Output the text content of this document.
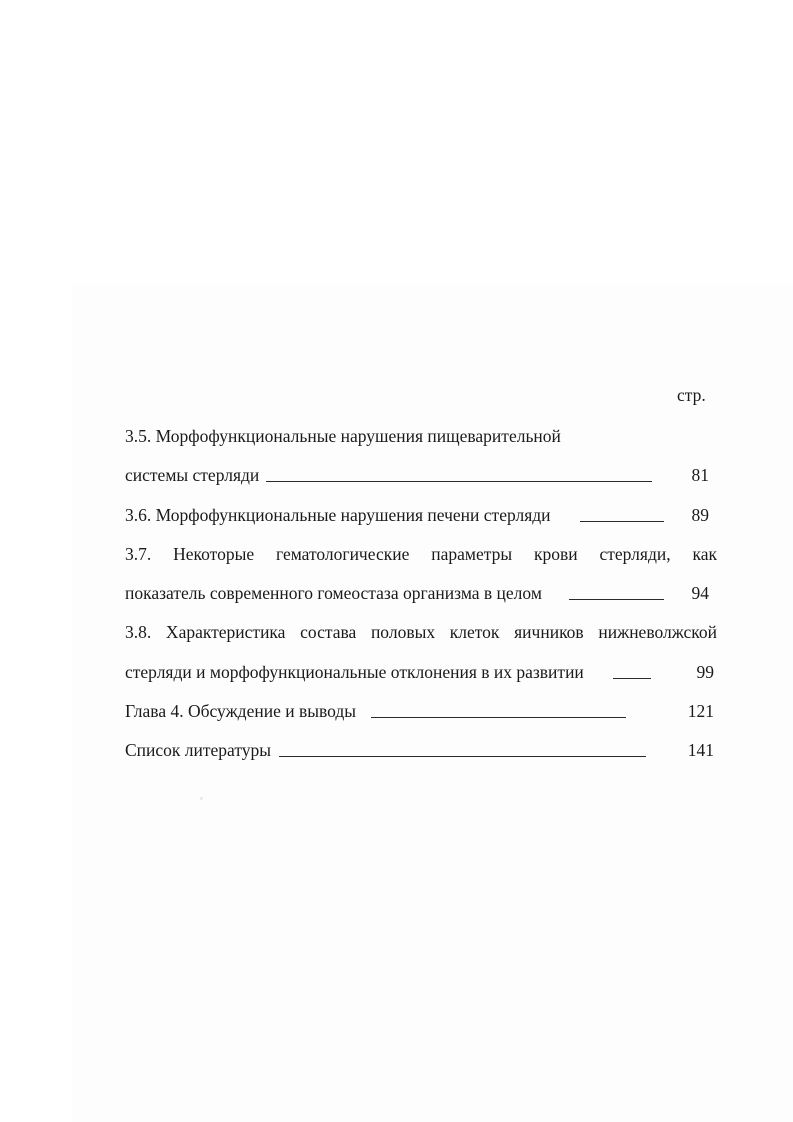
стр.
3.5. Морфофункциональные нарушения пищеварительной
системы стерляди	81
3.6. Морфофункциональные нарушения печени стерляди	89
3.7. Некоторые гематологические параметры крови стерляди, как
показатель современного гомеостаза организма в целом	94
3.8. Характеристика состава половых клеток яичников нижневолжской
стерляди и морфофункциональные отклонения в их развитии	99
Глава 4. Обсуждение и выводы	121
Список литературы	141
